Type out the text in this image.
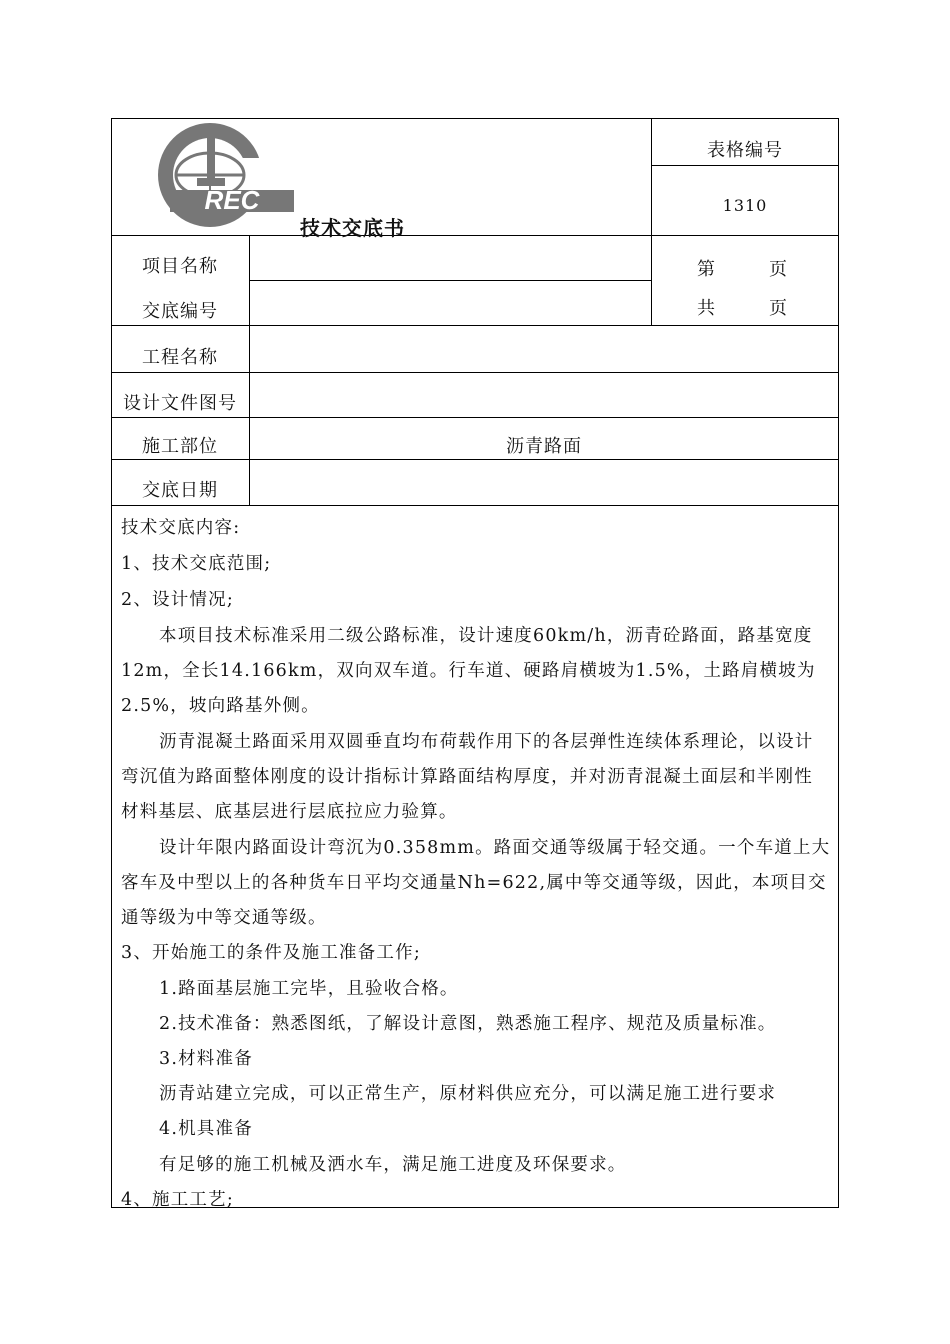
REC
技术交底书
表格编号
1310
第　　页
共　　页
项目名称
交底编号
工程名称
设计文件图号
施工部位
交底日期
沥青路面
技术交底内容:
1、技术交底范围;
2、设计情况;
本项目技术标准采用二级公路标准，设计速度60km/h，沥青砼路面，路基宽度
12m，全长14.166km，双向双车道。行车道、硬路肩横坡为1.5%，土路肩横坡为
2.5%，坡向路基外侧。
沥青混凝土路面采用双圆垂直均布荷载作用下的各层弹性连续体系理论，以设计
弯沉值为路面整体刚度的设计指标计算路面结构厚度，并对沥青混凝土面层和半刚性
材料基层、底基层进行层底拉应力验算。
设计年限内路面设计弯沉为0.358mm。路面交通等级属于轻交通。一个车道上大
客车及中型以上的各种货车日平均交通量Nh=622,属中等交通等级，因此，本项目交
通等级为中等交通等级。
3、开始施工的条件及施工准备工作;
1.路面基层施工完毕，且验收合格。
2.技术准备：熟悉图纸，了解设计意图，熟悉施工程序、规范及质量标准。
3.材料准备
沥青站建立完成，可以正常生产，原材料供应充分，可以满足施工进行要求
4.机具准备
有足够的施工机械及洒水车，满足施工进度及环保要求。
4、施工工艺;
